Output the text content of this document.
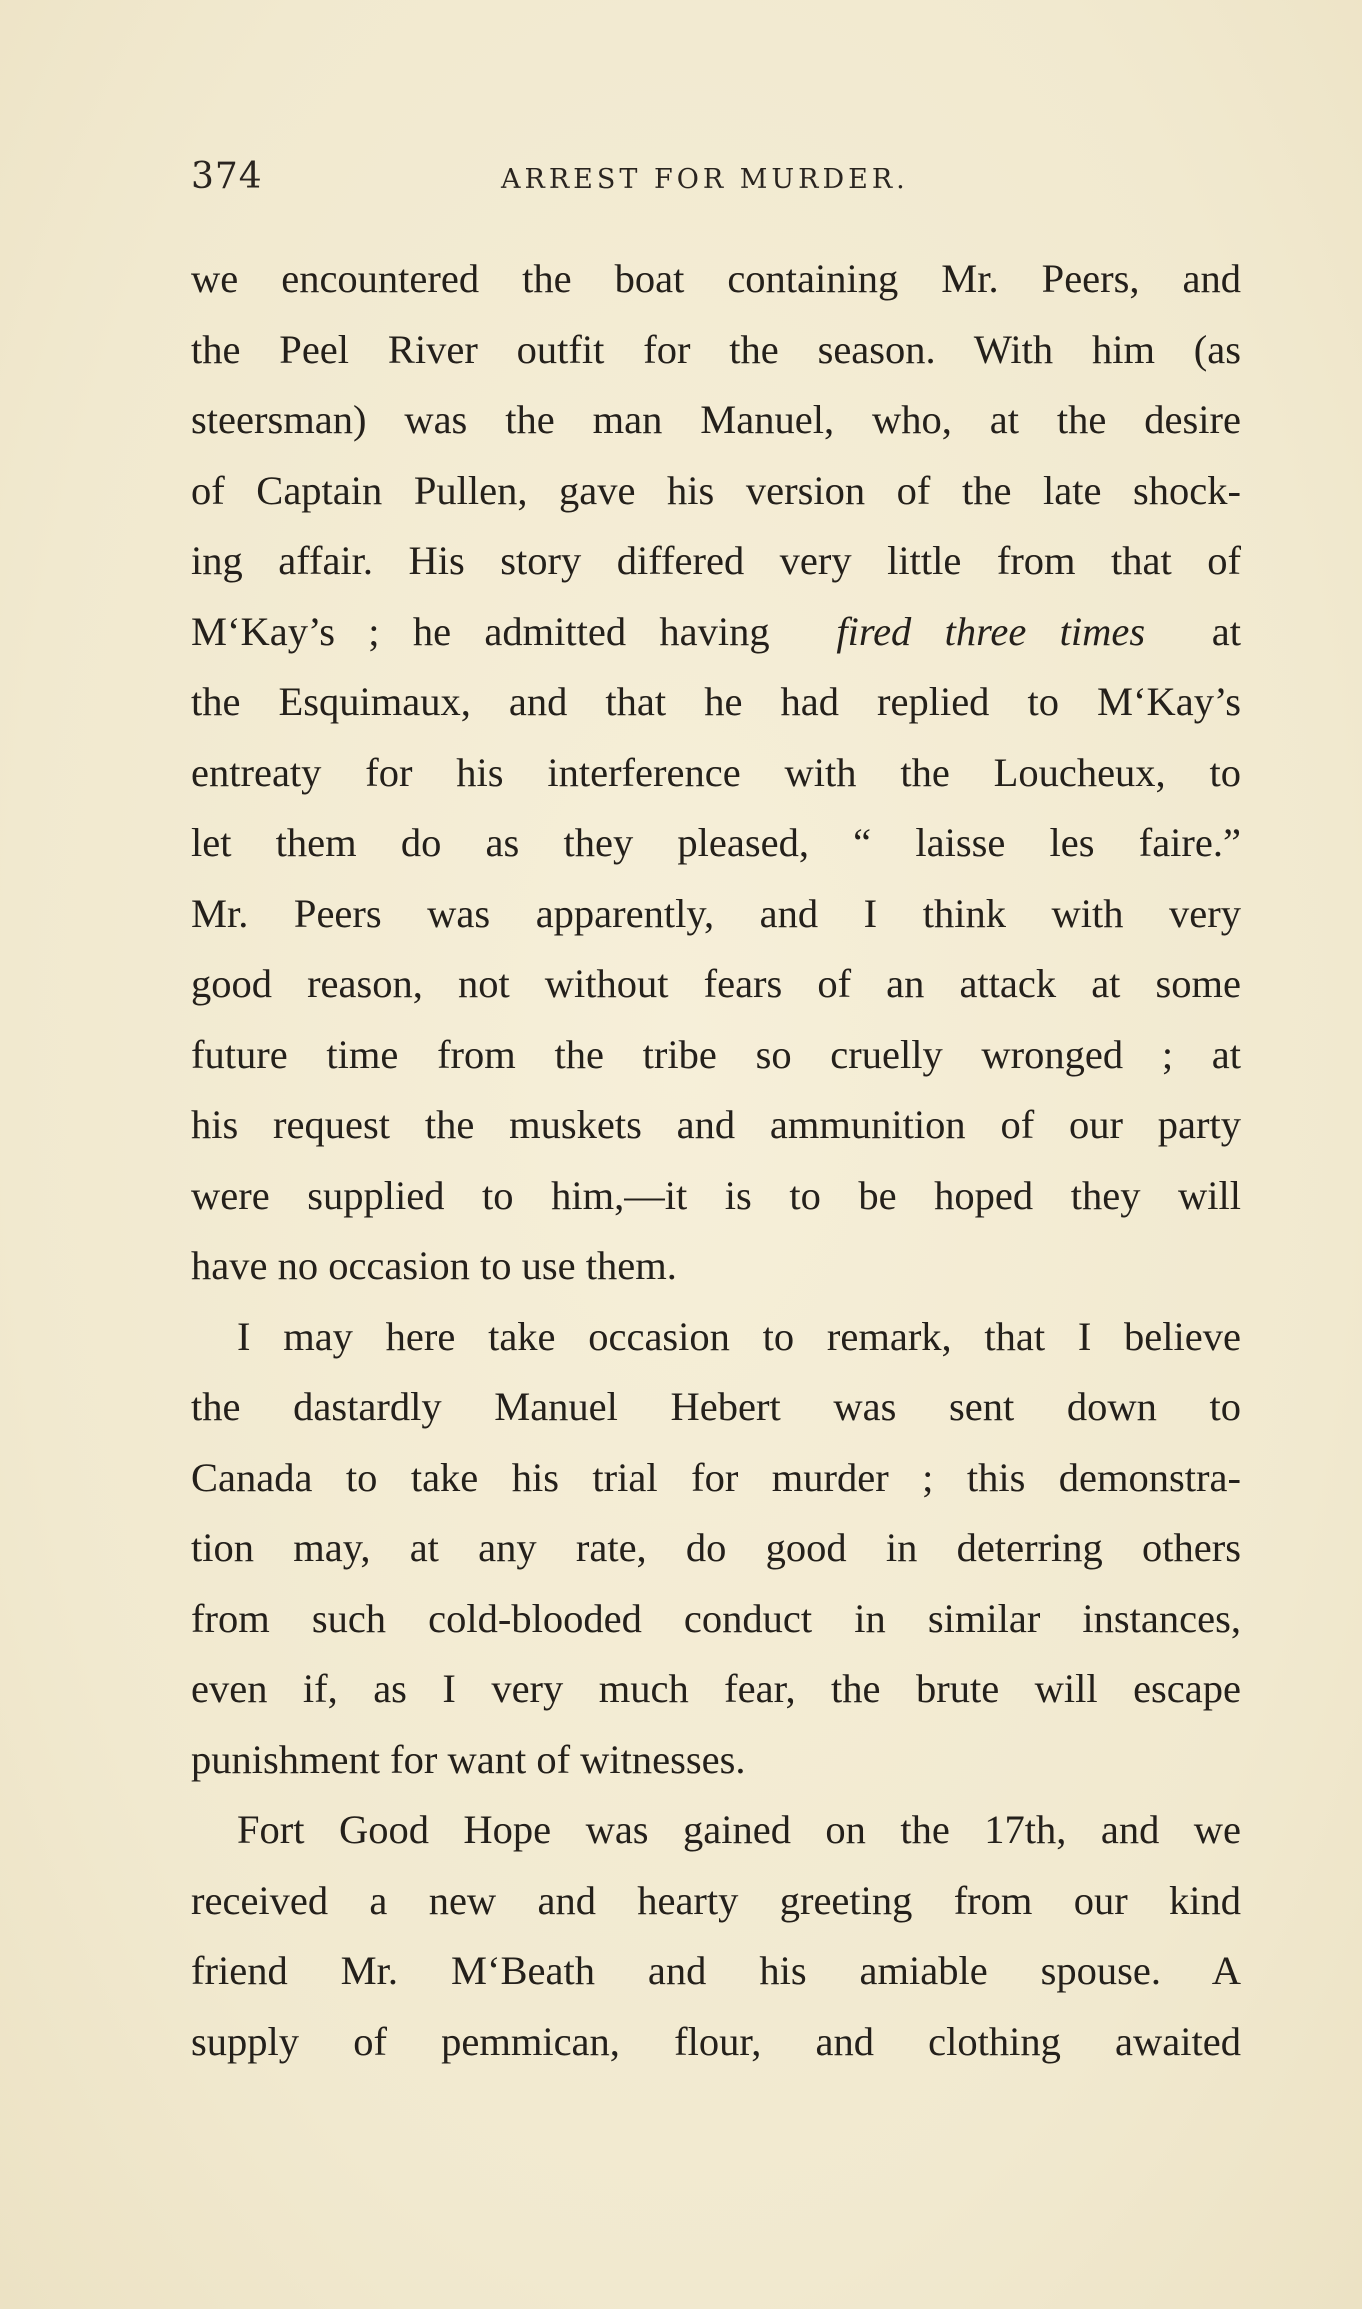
374	ARREST FOR MURDER.
we encountered the boat containing Mr. Peers, and
the Peel River outfit for the season. With him (as
steersman) was the man Manuel, who, at the desire
of Captain Pullen, gave his version of the late shock-
ing affair. His story differed very little from that of
M‘Kay’s ; he admitted having fired three times at
the Esquimaux, and that he had replied to M‘Kay’s
entreaty for his interference with the Loucheux, to
let them do as they pleased, “ laisse les faire.”
Mr. Peers was apparently, and I think with very
good reason, not without fears of an attack at some
future time from the tribe so cruelly wronged ; at
his request the muskets and ammunition of our party
were supplied to him,—it is to be hoped they will
have no occasion to use them.
I may here take occasion to remark, that I believe
the dastardly Manuel Hebert was sent down to
Canada to take his trial for murder ; this demonstra-
tion may, at any rate, do good in deterring others
from such cold-blooded conduct in similar instances,
even if, as I very much fear, the brute will escape
punishment for want of witnesses.
Fort Good Hope was gained on the 17th, and we
received a new and hearty greeting from our kind
friend Mr. M‘Beath and his amiable spouse. A
supply of pemmican, flour, and clothing awaited
